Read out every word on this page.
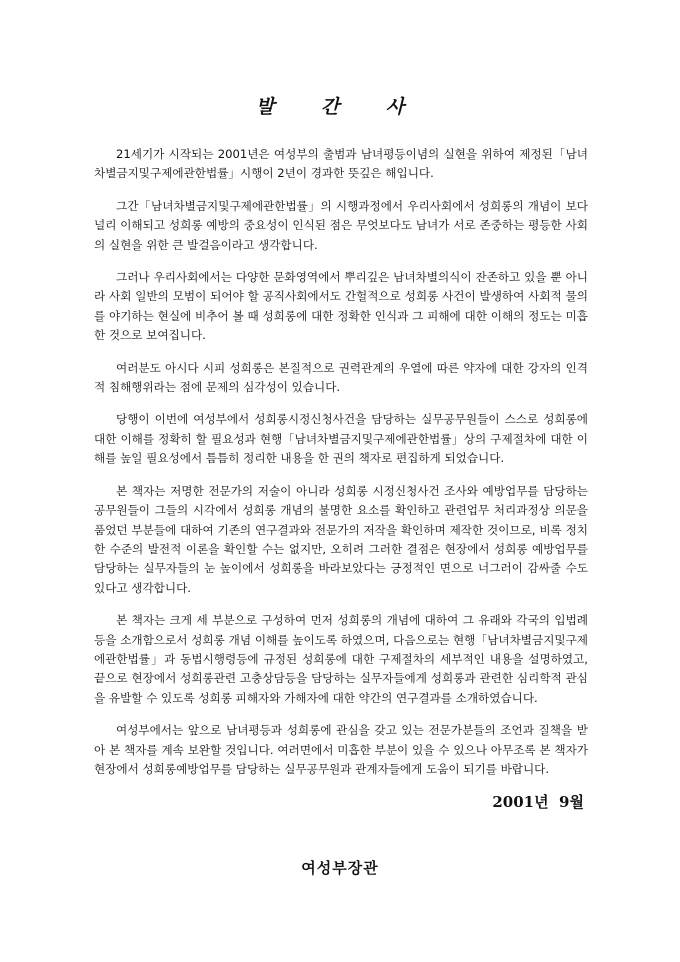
발 간 사

21세기가 시작되는 2001년은 여성부의 출범과 남녀평등이념의 실현을 위하여 제정된「남녀차별금지및구제에관한법률」시행이 2년이 경과한 뜻깊은 해입니다.

그간「남녀차별금지및구제에관한법률」의 시행과정에서 우리사회에서 성희롱의 개념이 보다 널리 이해되고 성희롱 예방의 중요성이 인식된 점은 무엇보다도 남녀가 서로 존중하는 평등한 사회의 실현을 위한 큰 발걸음이라고 생각합니다.

그러나 우리사회에서는 다양한 문화영역에서 뿌리깊은 남녀차별의식이 잔존하고 있을 뿐 아니라 사회 일반의 모범이 되어야 할 공직사회에서도 간헐적으로 성희롱 사건이 발생하여 사회적 물의를 야기하는 현실에 비추어 볼 때 성희롱에 대한 정확한 인식과 그 피해에 대한 이해의 정도는 미흡한 것으로 보여집니다.

여러분도 아시다 시피 성희롱은 본질적으로 권력관계의 우열에 따른 약자에 대한 강자의 인격적 침해행위라는 점에 문제의 심각성이 있습니다.

당행이 이번에 여성부에서 성희롱시정신청사건을 담당하는 실무공무원들이 스스로 성희롱에 대한 이해를 정확히 할 필요성과 현행「남녀차별금지및구제에관한법률」상의 구제절차에 대한 이해를 높일 필요성에서 틈틈히 정리한 내용을 한 권의 책자로 편집하게 되었습니다.

본 책자는 저명한 전문가의 저술이 아니라 성희롱 시정신청사건 조사와 예방업무를 담당하는 공무원들이 그들의 시각에서 성희롱 개념의 불명한 요소를 확인하고 관련업무 처리과정상 의문을 품었던 부분들에 대하여 기존의 연구결과와 전문가의 저작을 확인하며 제작한 것이므로, 비록 정치한 수준의 발전적 이론을 확인할 수는 없지만, 오히려 그러한 결점은 현장에서 성희롱 예방업무를 담당하는 실무자들의 눈 높이에서 성희롱을 바라보았다는 긍정적인 면으로 너그러이 감싸줄 수도 있다고 생각합니다.

본 책자는 크게 세 부분으로 구성하여 먼저 성희롱의 개념에 대하여 그 유래와 각국의 입법례 등을 소개함으로서 성희롱 개념 이해를 높이도록 하였으며, 다음으로는 현행「남녀차별금지및구제에관한법률」과 동법시행령등에 규정된 성희롱에 대한 구제절차의 세부적인 내용을 설명하였고, 끝으로 현장에서 성희롱관련 고충상담등을 담당하는 실무자들에게 성희롱과 관련한 심리학적 관심을 유발할 수 있도록 성희롱 피해자와 가해자에 대한 약간의 연구결과를 소개하였습니다.

여성부에서는 앞으로 남녀평등과 성희롱에 관심을 갖고 있는 전문가분들의 조언과 질책을 받아 본 책자를 계속 보완할 것입니다. 여러면에서 미흡한 부분이 있을 수 있으나 아무조록 본 책자가 현장에서 성희롱예방업무를 담당하는 실무공무원과 관계자들에게 도움이 되기를 바랍니다.

2001년  9월
여성부장관
